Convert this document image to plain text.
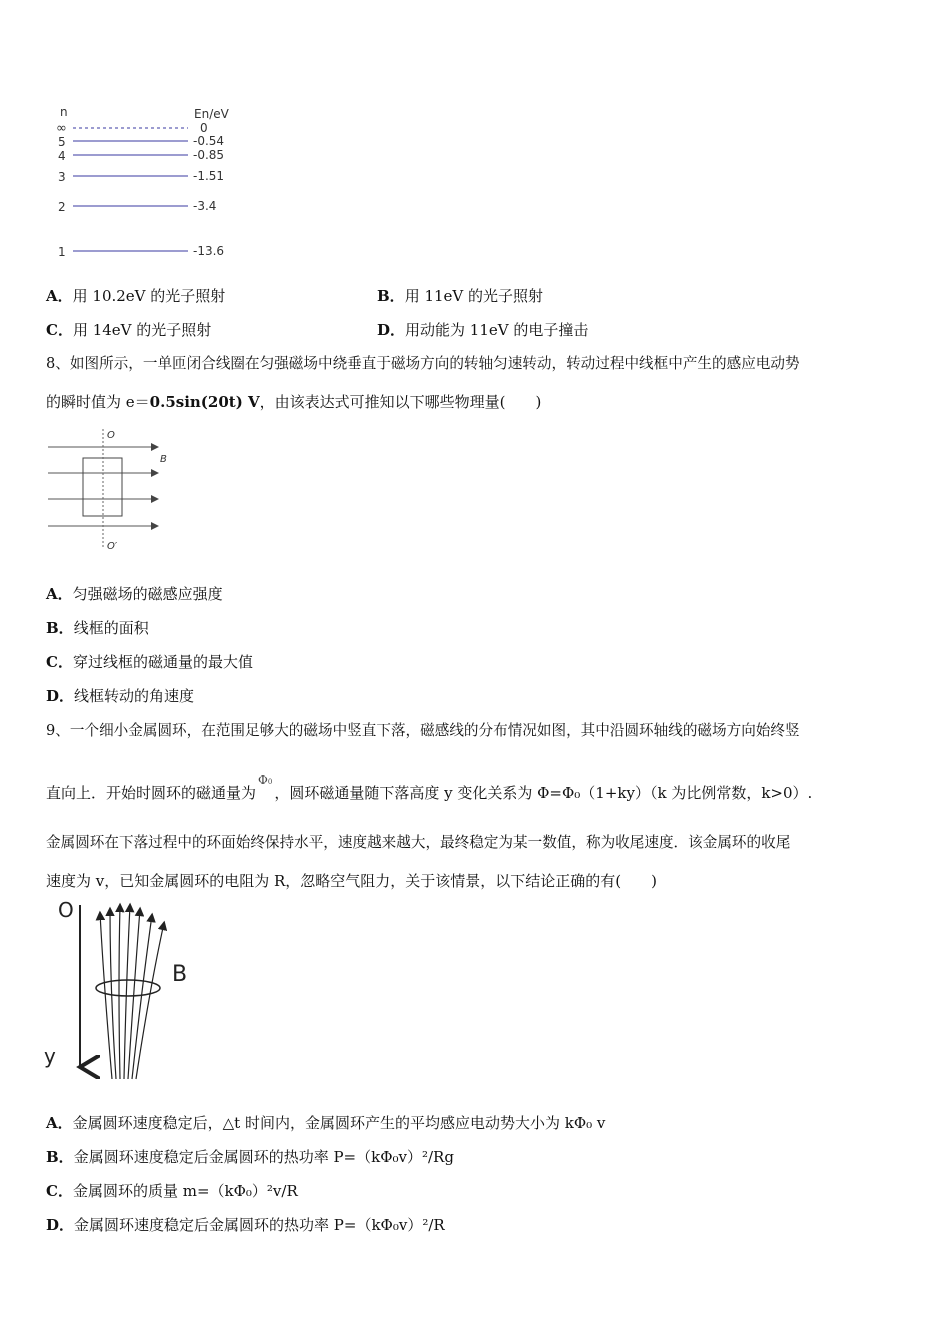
n	En/eV
∞	0
5	-0.54
4	-0.85
3	-1.51
2	-3.4
1	-13.6
A．用 10.2eV 的光子照射	B．用 11eV 的光子照射
C．用 14eV 的光子照射	D．用动能为 11eV 的电子撞击
8、如图所示，一单匝闭合线圈在匀强磁场中绕垂直于磁场方向的转轴匀速转动，转动过程中线框中产生的感应电动势
的瞬时值为 e＝0.5sin(20t) V，由该表达式可推知以下哪些物理量(　　)
O
O′
B
A．匀强磁场的磁感应强度
B．线框的面积
C．穿过线框的磁通量的最大值
D．线框转动的角速度
9、一个细小金属圆环，在范围足够大的磁场中竖直下落，磁感线的分布情况如图，其中沿圆环轴线的磁场方向始终竖
直向上．开始时圆环的磁通量为$^{\Phi 0}$，圆环磁通量随下落高度 y 变化关系为 Φ=Φ₀（1+ky）（k 为比例常数，k>0）.
金属圆环在下落过程中的环面始终保持水平，速度越来越大，最终稳定为某一数值，称为收尾速度．该金属环的收尾
速度为 v，已知金属圆环的电阻为 R，忽略空气阻力，关于该情景，以下结论正确的有(　　)
O
y
B
A．金属圆环速度稳定后，△t 时间内，金属圆环产生的平均感应电动势大小为 kΦ₀ v
B．金属圆环速度稳定后金属圆环的热功率 P=（kΦ₀v）²/Rg
C．金属圆环的质量 m=（kΦ₀）²v/R
D．金属圆环速度稳定后金属圆环的热功率 P=（kΦ₀v）²/R
